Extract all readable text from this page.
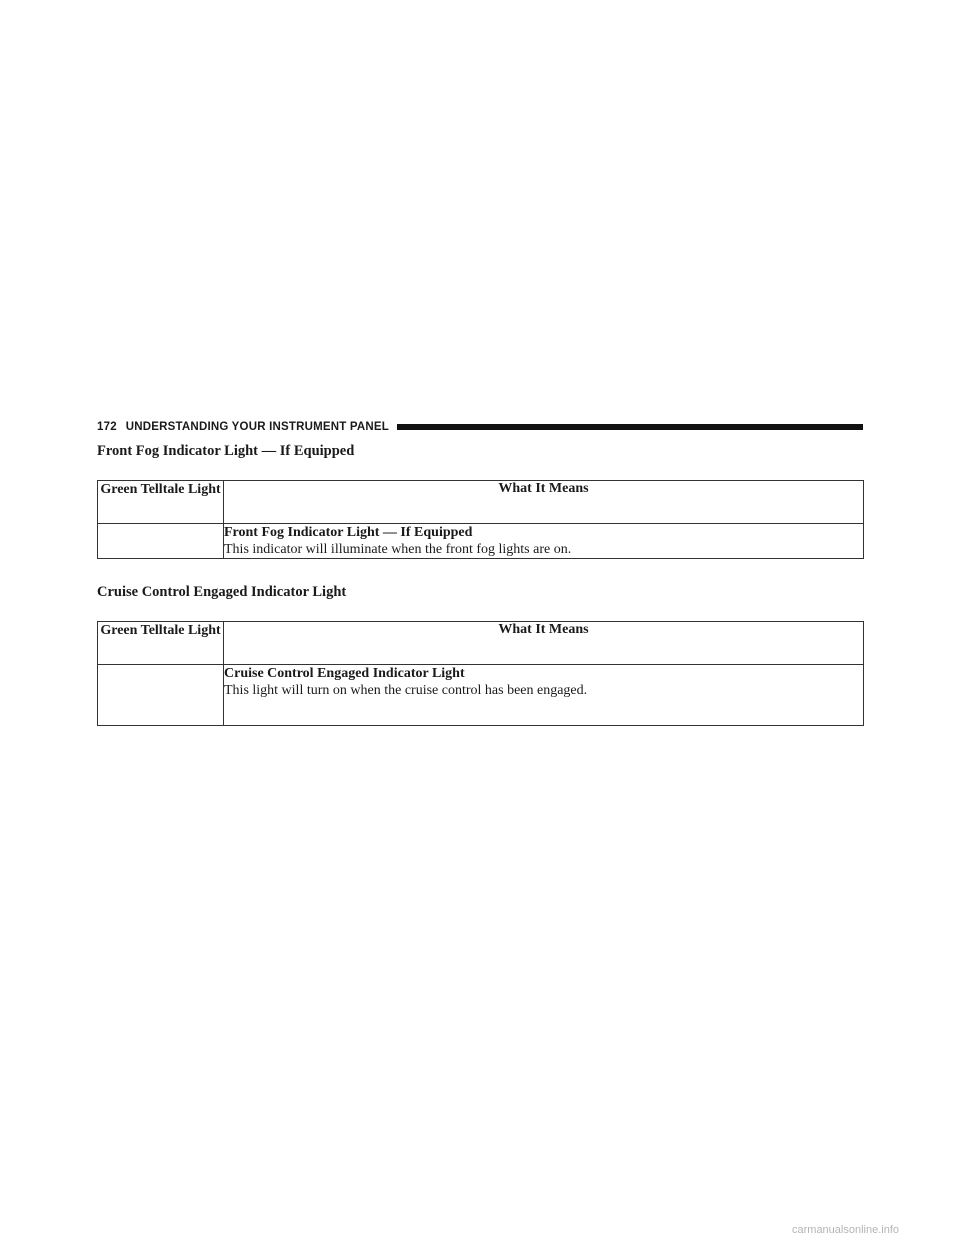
172 UNDERSTANDING YOUR INSTRUMENT PANEL
Front Fog Indicator Light — If Equipped
Green Telltale Light	What It Means

	Front Fog Indicator Light — If Equipped
This indicator will illuminate when the front fog lights are on.
Cruise Control Engaged Indicator Light
Green Telltale Light	What It Means

	Cruise Control Engaged Indicator Light
This light will turn on when the cruise control has been engaged.
carmanualsonline.info
